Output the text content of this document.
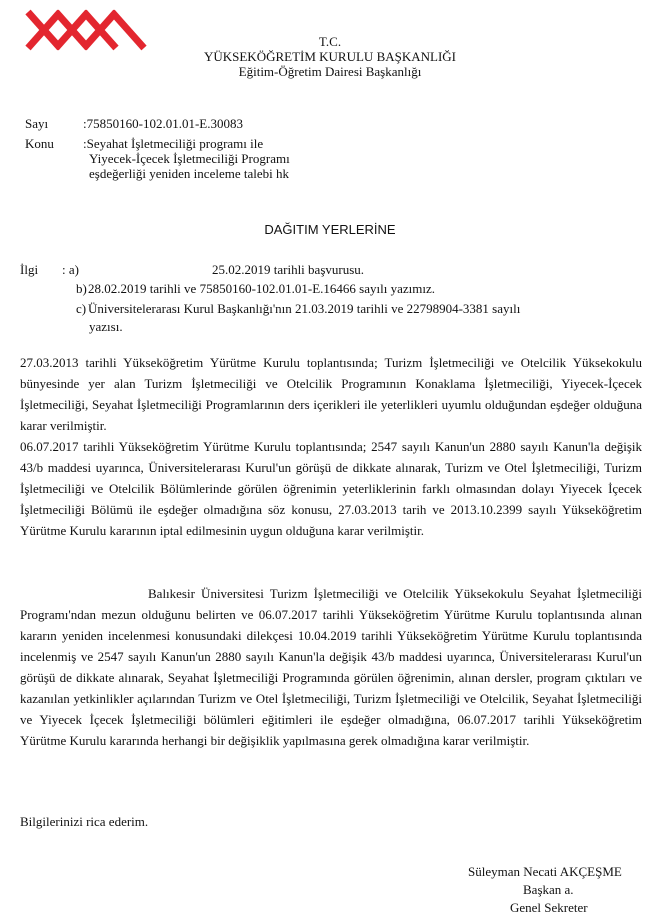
T.C.
YÜKSEKÖĞRETİM KURULU BAŞKANLIĞI
Eğitim-Öğretim Dairesi Başkanlığı
Sayı	:75850160-102.01.01-E.30083
Konu :Seyahat İşletmeciliği programı ile
Yiyecek-İçecek İşletmeciliği Programı
eşdeğerliği yeniden inceleme talebi hk
DAĞITIM YERLERİNE
İlgi : a)	25.02.2019 tarihli başvurusu.
b) 28.02.2019 tarihli ve 75850160-102.01.01-E.16466 sayılı yazımız.
c) Üniversitelerarası Kurul Başkanlığı'nın 21.03.2019 tarihli ve 22798904-3381 sayılı
yazısı.
27.03.2013 tarihli Yükseköğretim Yürütme Kurulu toplantısında; Turizm İşletmeciliği ve Otelcilik Yüksekokulu bünyesinde yer alan Turizm İşletmeciliği ve Otelcilik Programının Konaklama İşletmeciliği, Yiyecek-İçecek İşletmeciliği, Seyahat İşletmeciliği Programlarının ders içerikleri ile yeterlikleri uyumlu olduğundan eşdeğer olduğuna karar verilmiştir.
06.07.2017 tarihli Yükseköğretim Yürütme Kurulu toplantısında; 2547 sayılı Kanun'un 2880 sayılı Kanun'la değişik 43/b maddesi uyarınca, Üniversitelerarası Kurul'un görüşü de dikkate alınarak, Turizm ve Otel İşletmeciliği, Turizm İşletmeciliği ve Otelcilik Bölümlerinde görülen öğrenimin yeterliklerinin farklı olmasından dolayı Yiyecek İçecek İşletmeciliği Bölümü ile eşdeğer olmadığına söz konusu, 27.03.2013 tarih ve 2013.10.2399 sayılı Yükseköğretim Yürütme Kurulu kararının iptal edilmesinin uygun olduğuna karar verilmiştir.
Balıkesir Üniversitesi Turizm İşletmeciliği ve Otelcilik Yüksekokulu Seyahat İşletmeciliği Programı'ndan mezun olduğunu belirten ve 06.07.2017 tarihli Yükseköğretim Yürütme Kurulu toplantısında alınan kararın yeniden incelenmesi konusundaki dilekçesi 10.04.2019 tarihli Yükseköğretim Yürütme Kurulu toplantısında incelenmiş ve 2547 sayılı Kanun'un 2880 sayılı Kanun'la değişik 43/b maddesi uyarınca, Üniversitelerarası Kurul'un görüşü de dikkate alınarak, Seyahat İşletmeciliği Programında görülen öğrenimin, alınan dersler, program çıktıları ve kazanılan yetkinlikler açılarından Turizm ve Otel İşletmeciliği, Turizm İşletmeciliği ve Otelcilik, Seyahat İşletmeciliği ve Yiyecek İçecek İşletmeciliği bölümleri eğitimleri ile eşdeğer olmadığına, 06.07.2017 tarihli Yükseköğretim Yürütme Kurulu kararında herhangi bir değişiklik yapılmasına gerek olmadığına karar verilmiştir.
Bilgilerinizi rica ederim.
Süleyman Necati AKÇEŞME
Başkan a.
Genel Sekreter
